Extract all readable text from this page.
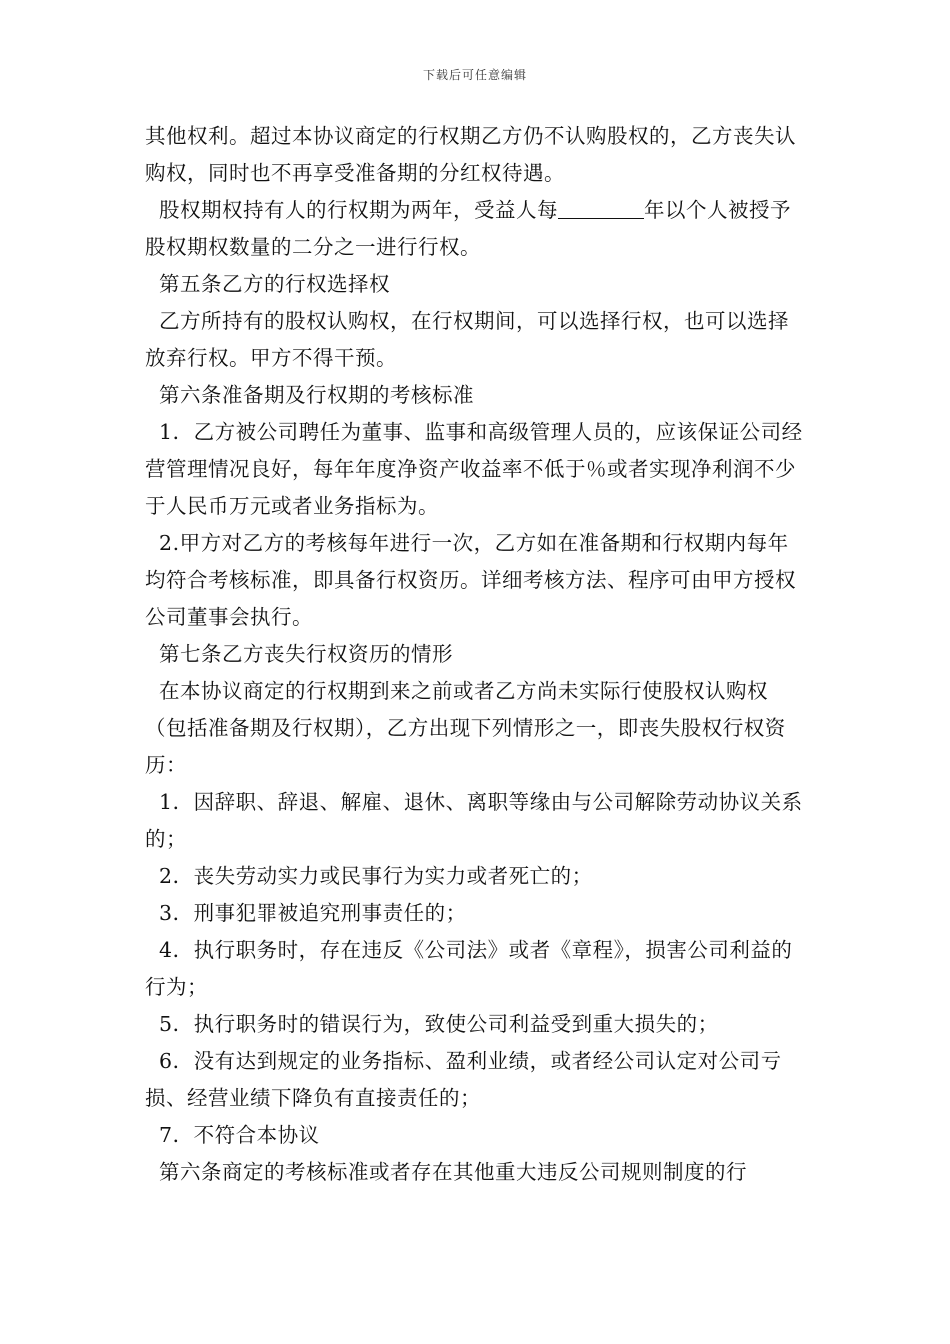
下载后可任意编辑

其他权利。超过本协议商定的行权期乙方仍不认购股权的，乙方丧失认购权，同时也不再享受准备期的分红权待遇。

股权期权持有人的行权期为两年，受益人每	年以个人被授予股权期权数量的二分之一进行行权。

第五条乙方的行权选择权

乙方所持有的股权认购权，在行权期间，可以选择行权，也可以选择放弃行权。甲方不得干预。

第六条准备期及行权期的考核标准

1．乙方被公司聘任为董事、监事和高级管理人员的，应该保证公司经营管理情况良好，每年年度净资产收益率不低于％或者实现净利润不少于人民币万元或者业务指标为。

2.甲方对乙方的考核每年进行一次，乙方如在准备期和行权期内每年均符合考核标准，即具备行权资历。详细考核方法、程序可由甲方授权公司董事会执行。

第七条乙方丧失行权资历的情形

在本协议商定的行权期到来之前或者乙方尚未实际行使股权认购权（包括准备期及行权期），乙方出现下列情形之一，即丧失股权行权资历：

1．因辞职、辞退、解雇、退休、离职等缘由与公司解除劳动协议关系的；

2．丧失劳动实力或民事行为实力或者死亡的；

3．刑事犯罪被追究刑事责任的；

4．执行职务时，存在违反《公司法》或者《章程》，损害公司利益的行为；

5．执行职务时的错误行为，致使公司利益受到重大损失的；

6．没有达到规定的业务指标、盈利业绩，或者经公司认定对公司亏损、经营业绩下降负有直接责任的；

7．不符合本协议

第六条商定的考核标准或者存在其他重大违反公司规则制度的行
